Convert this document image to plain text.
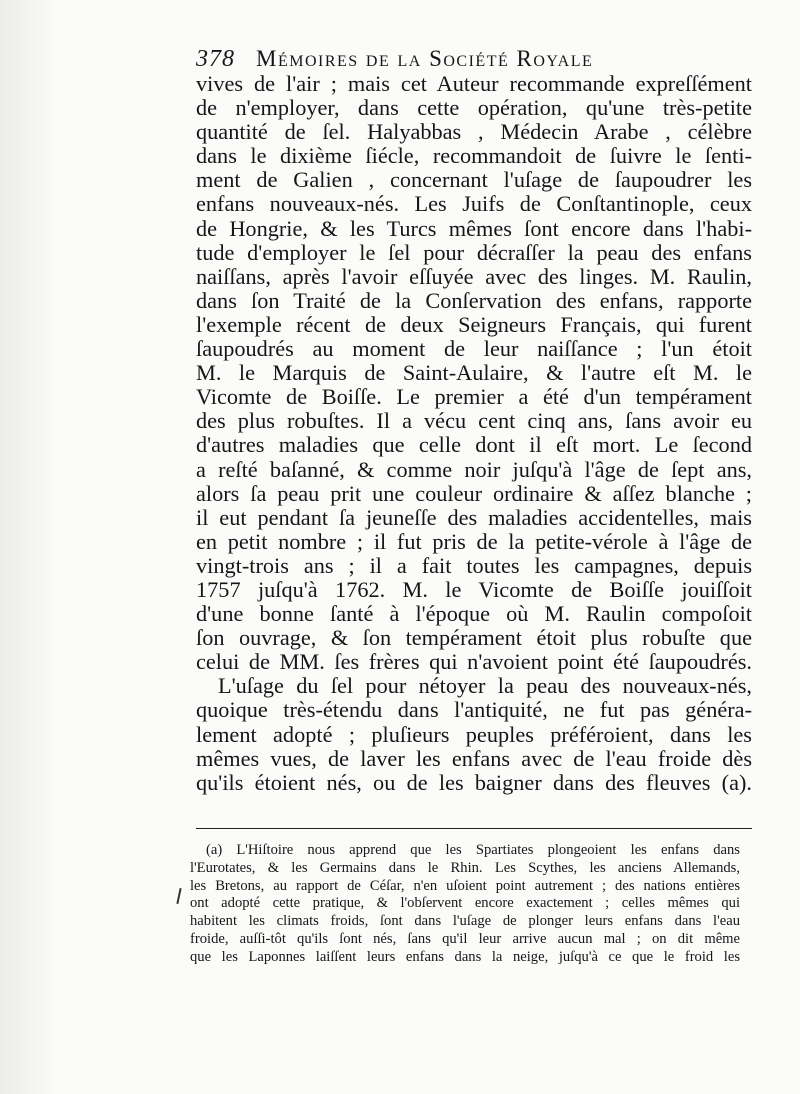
378 Mémoires de la Société Royale
vives de l'air ; mais cet Auteur recommande expreſſément
de n'employer, dans cette opération, qu'une très-petite
quantité de ſel. Halyabbas , Médecin Arabe , célèbre
dans le dixième ſiécle, recommandoit de ſuivre le ſenti-
ment de Galien , concernant l'uſage de ſaupoudrer les
enfans nouveaux-nés. Les Juifs de Conſtantinople, ceux
de Hongrie, & les Turcs mêmes ſont encore dans l'habi-
tude d'employer le ſel pour décraſſer la peau des enfans
naiſſans, après l'avoir eſſuyée avec des linges. M. Raulin,
dans ſon Traité de la Conſervation des enfans, rapporte
l'exemple récent de deux Seigneurs Français, qui furent
ſaupoudrés au moment de leur naiſſance ; l'un étoit
M. le Marquis de Saint-Aulaire, & l'autre eſt M. le
Vicomte de Boiſſe. Le premier a été d'un tempérament
des plus robuſtes. Il a vécu cent cinq ans, ſans avoir eu
d'autres maladies que celle dont il eſt mort. Le ſecond
a reſté baſanné, & comme noir juſqu'à l'âge de ſept ans,
alors ſa peau prit une couleur ordinaire & aſſez blanche ;
il eut pendant ſa jeuneſſe des maladies accidentelles, mais
en petit nombre ; il fut pris de la petite-vérole à l'âge de
vingt-trois ans ; il a fait toutes les campagnes, depuis
1757 juſqu'à 1762. M. le Vicomte de Boiſſe jouiſſoit
d'une bonne ſanté à l'époque où M. Raulin compoſoit
ſon ouvrage, & ſon tempérament étoit plus robuſte que
celui de MM. ſes frères qui n'avoient point été ſaupoudrés.
L'uſage du ſel pour nétoyer la peau des nouveaux-nés,
quoique très-étendu dans l'antiquité, ne fut pas généra-
lement adopté ; pluſieurs peuples préféroient, dans les
mêmes vues, de laver les enfans avec de l'eau froide dès
qu'ils étoient nés, ou de les baigner dans des fleuves (a).
(a) L'Hiſtoire nous apprend que les Spartiates plongeoient les enfans dans
l'Eurotates, & les Germains dans le Rhin. Les Scythes, les anciens Allemands,
les Bretons, au rapport de Céſar, n'en uſoient point autrement ; des nations entières
ont adopté cette pratique, & l'obſervent encore exactement ; celles mêmes qui
habitent les climats froids, ſont dans l'uſage de plonger leurs enfans dans l'eau
froide, auſſi-tôt qu'ils ſont nés, ſans qu'il leur arrive aucun mal ; on dit même
que les Laponnes laiſſent leurs enfans dans la neige, juſqu'à ce que le froid les
